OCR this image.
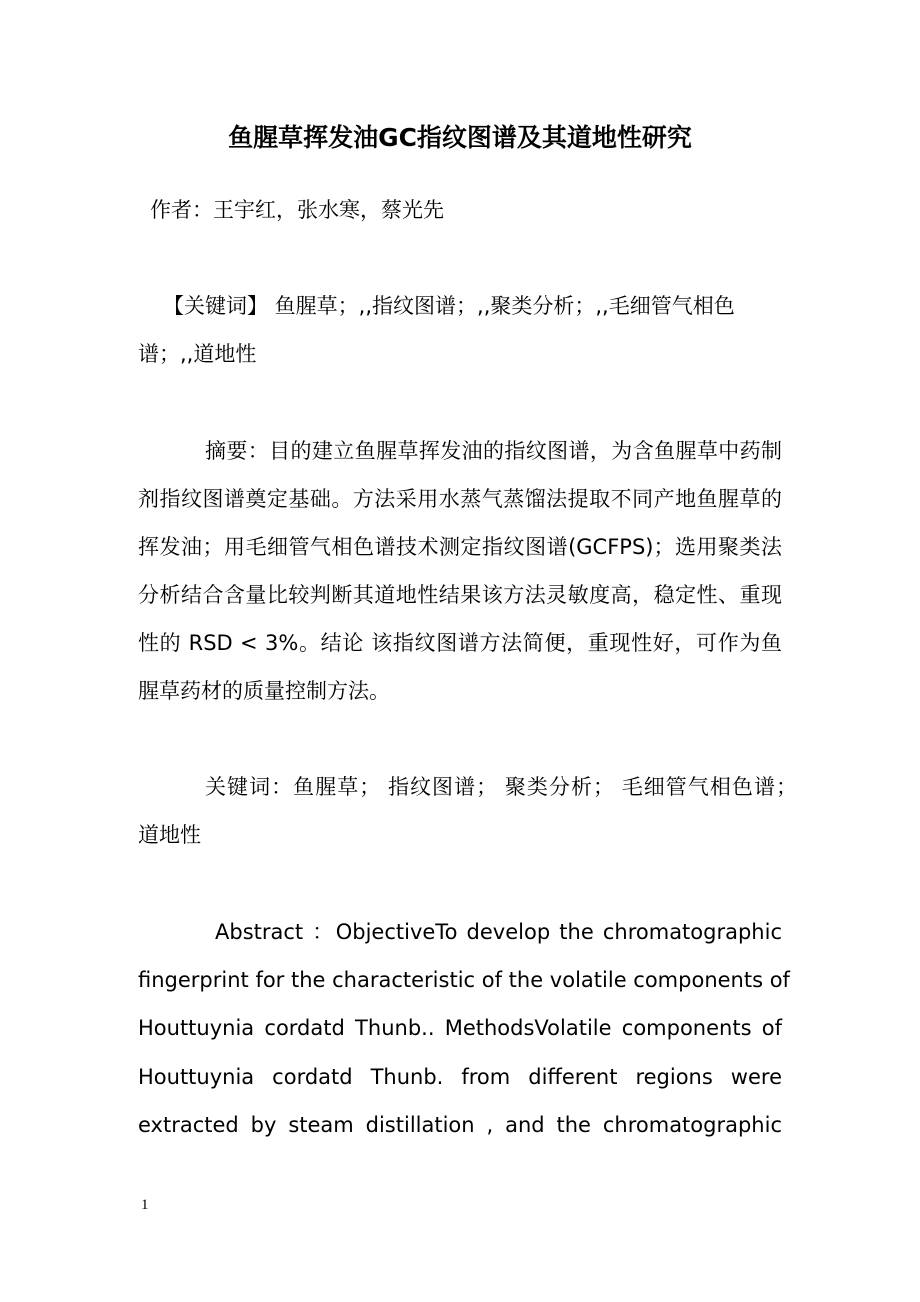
鱼腥草挥发油GC指纹图谱及其道地性研究
作者：王宇红，张水寒，蔡光先
【关键词】 鱼腥草；,,指纹图谱；,,聚类分析；,,毛细管气相色
谱；,,道地性
摘要：目的建立鱼腥草挥发油的指纹图谱，为含鱼腥草中药制
剂指纹图谱奠定基础。方法采用水蒸气蒸馏法提取不同产地鱼腥草的
挥发油；用毛细管气相色谱技术测定指纹图谱(GCFPS)；选用聚类法
分析结合含量比较判断其道地性结果该方法灵敏度高，稳定性、重现
性的 RSD < 3%。结论 该指纹图谱方法简便，重现性好，可作为鱼
腥草药材的质量控制方法。
关键词：鱼腥草； 指纹图谱； 聚类分析； 毛细管气相色谱；
道地性
Abstract ：ObjectiveTo develop the chromatographic
fingerprint for the characteristic of the volatile components of
Houttuynia cordatd Thunb.. MethodsVolatile components of
Houttuynia cordatd Thunb. from different regions were
extracted by steam distillation , and the chromatographic
1
